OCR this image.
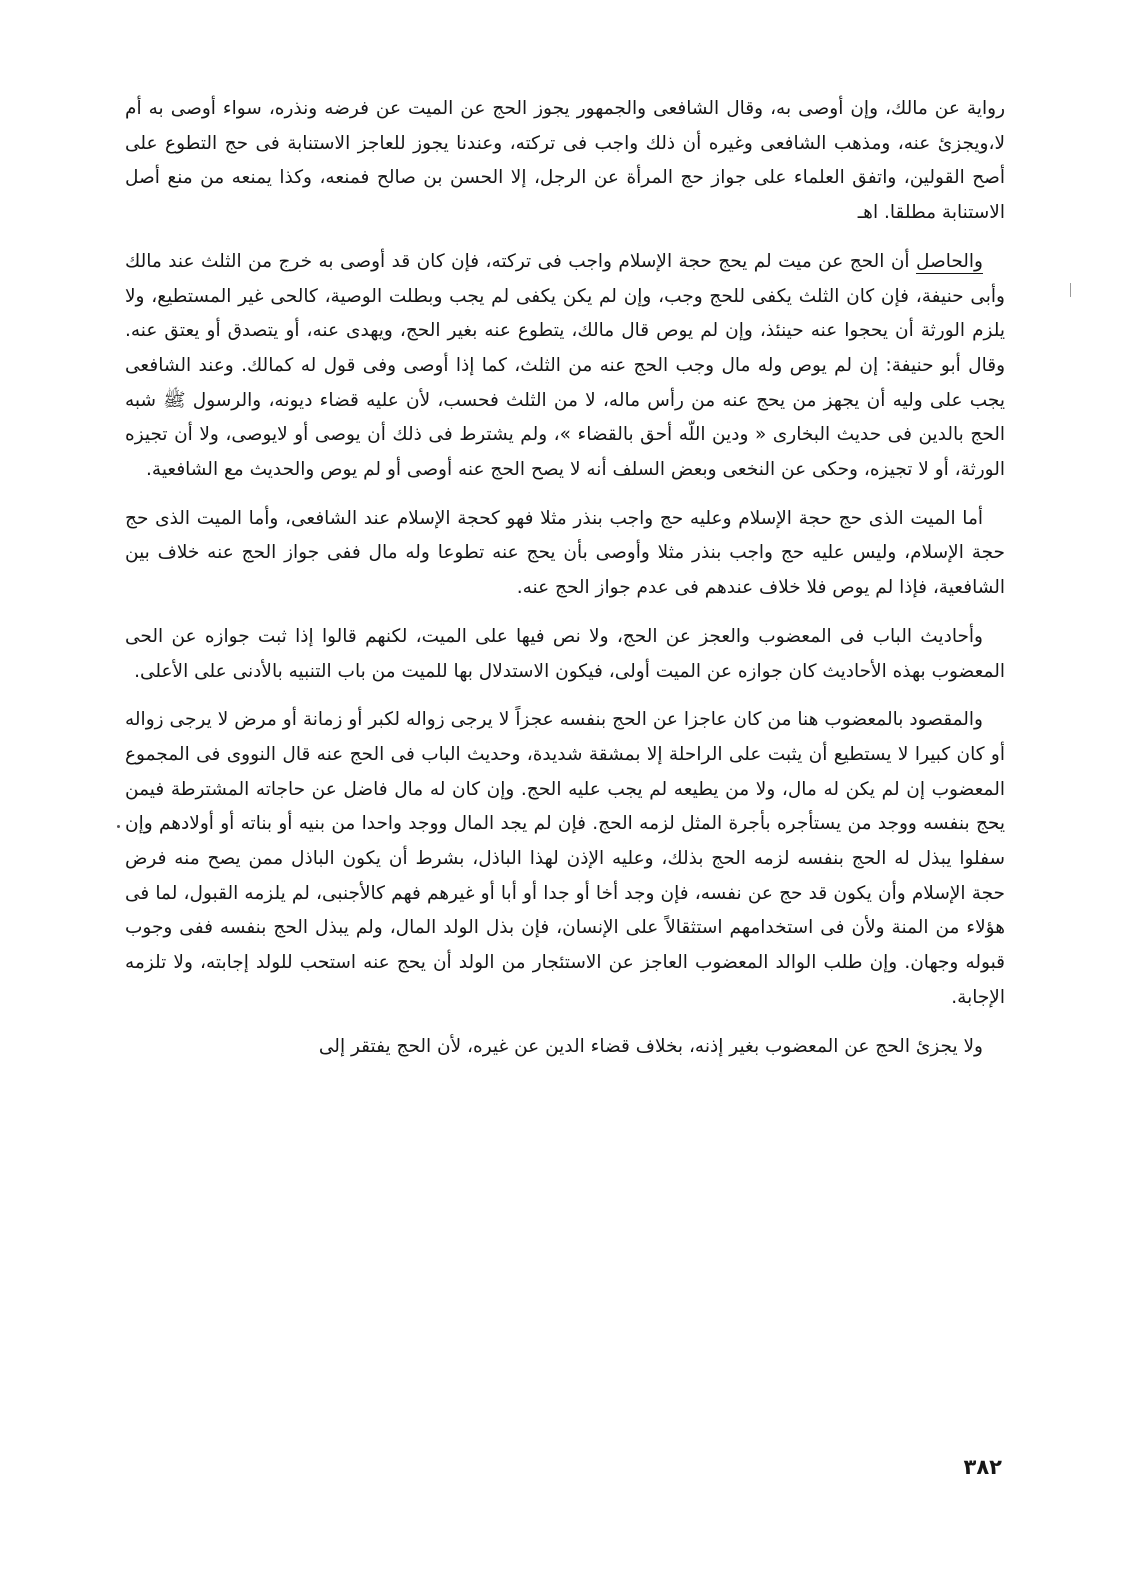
رواية عن مالك، وإن أوصى به، وقال الشافعى والجمهور يجوز الحج عن الميت عن فرضه ونذره، سواء أوصى به أم لا،ويجزئ عنه، ومذهب الشافعى وغيره أن ذلك واجب فى تركته، وعندنا يجوز للعاجز الاستنابة فى حج التطوع على أصح القولين، واتفق العلماء على جواز حج المرأة عن الرجل، إلا الحسن بن صالح فمنعه، وكذا يمنعه من منع أصل الاستنابة مطلقا. اهـ

والحاصل أن الحج عن ميت لم يحج حجة الإسلام واجب فى تركته، فإن كان قد أوصى به خرج من الثلث عند مالك وأبى حنيفة، فإن كان الثلث يكفى للحج وجب، وإن لم يكن يكفى لم يجب وبطلت الوصية، كالحى غير المستطيع، ولا يلزم الورثة أن يحجوا عنه حينئذ، وإن لم يوص قال مالك، يتطوع عنه بغير الحج، ويهدى عنه، أو يتصدق أو يعتق عنه. وقال أبو حنيفة: إن لم يوص وله مال وجب الحج عنه من الثلث، كما إذا أوصى وفى قول له كمالك. وعند الشافعى يجب على وليه أن يجهز من يحج عنه من رأس ماله، لا من الثلث فحسب، لأن عليه قضاء ديونه، والرسول ﷺ شبه الحج بالدين فى حديث البخارى « ودين اللّه أحق بالقضاء »، ولم يشترط فى ذلك أن يوصى أو لايوصى، ولا أن تجيزه الورثة، أو لا تجيزه، وحكى عن النخعى وبعض السلف أنه لا يصح الحج عنه أوصى أو لم يوص والحديث مع الشافعية.

أما الميت الذى حج حجة الإسلام وعليه حج واجب بنذر مثلا فهو كحجة الإسلام عند الشافعى، وأما الميت الذى حج حجة الإسلام، وليس عليه حج واجب بنذر مثلا وأوصى بأن يحج عنه تطوعا وله مال ففى جواز الحج عنه خلاف بين الشافعية، فإذا لم يوص فلا خلاف عندهم فى عدم جواز الحج عنه.

وأحاديث الباب فى المعضوب والعجز عن الحج، ولا نص فيها على الميت، لكنهم قالوا إذا ثبت جوازه عن الحى المعضوب بهذه الأحاديث كان جوازه عن الميت أولى، فيكون الاستدلال بها للميت من باب التنبيه بالأدنى على الأعلى.

والمقصود بالمعضوب هنا من كان عاجزا عن الحج بنفسه عجزاً لا يرجى زواله لكبر أو زمانة أو مرض لا يرجى زواله أو كان كبيرا لا يستطيع أن يثبت على الراحلة إلا بمشقة شديدة، وحديث الباب فى الحج عنه قال النووى فى المجموع المعضوب إن لم يكن له مال، ولا من يطيعه لم يجب عليه الحج. وإن كان له مال فاضل عن حاجاته المشترطة فيمن يحج بنفسه ووجد من يستأجره بأجرة المثل لزمه الحج. فإن لم يجد المال ووجد واحدا من بنيه أو بناته أو أولادهم وإن سفلوا يبذل له الحج بنفسه لزمه الحج بذلك، وعليه الإذن لهذا الباذل، بشرط أن يكون الباذل ممن يصح منه فرض حجة الإسلام وأن يكون قد حج عن نفسه، فإن وجد أخا أو جدا أو أبا أو غيرهم فهم كالأجنبى، لم يلزمه القبول، لما فى هؤلاء من المنة ولأن فى استخدامهم استثقالاً على الإنسان، فإن بذل الولد المال، ولم يبذل الحج بنفسه ففى وجوب قبوله وجهان. وإن طلب الوالد المعضوب العاجز عن الاستئجار من الولد أن يحج عنه استحب للولد إجابته، ولا تلزمه الإجابة.

ولا يجزئ الحج عن المعضوب بغير إذنه، بخلاف قضاء الدين عن غيره، لأن الحج يفتقر إلى

٣٨٢
